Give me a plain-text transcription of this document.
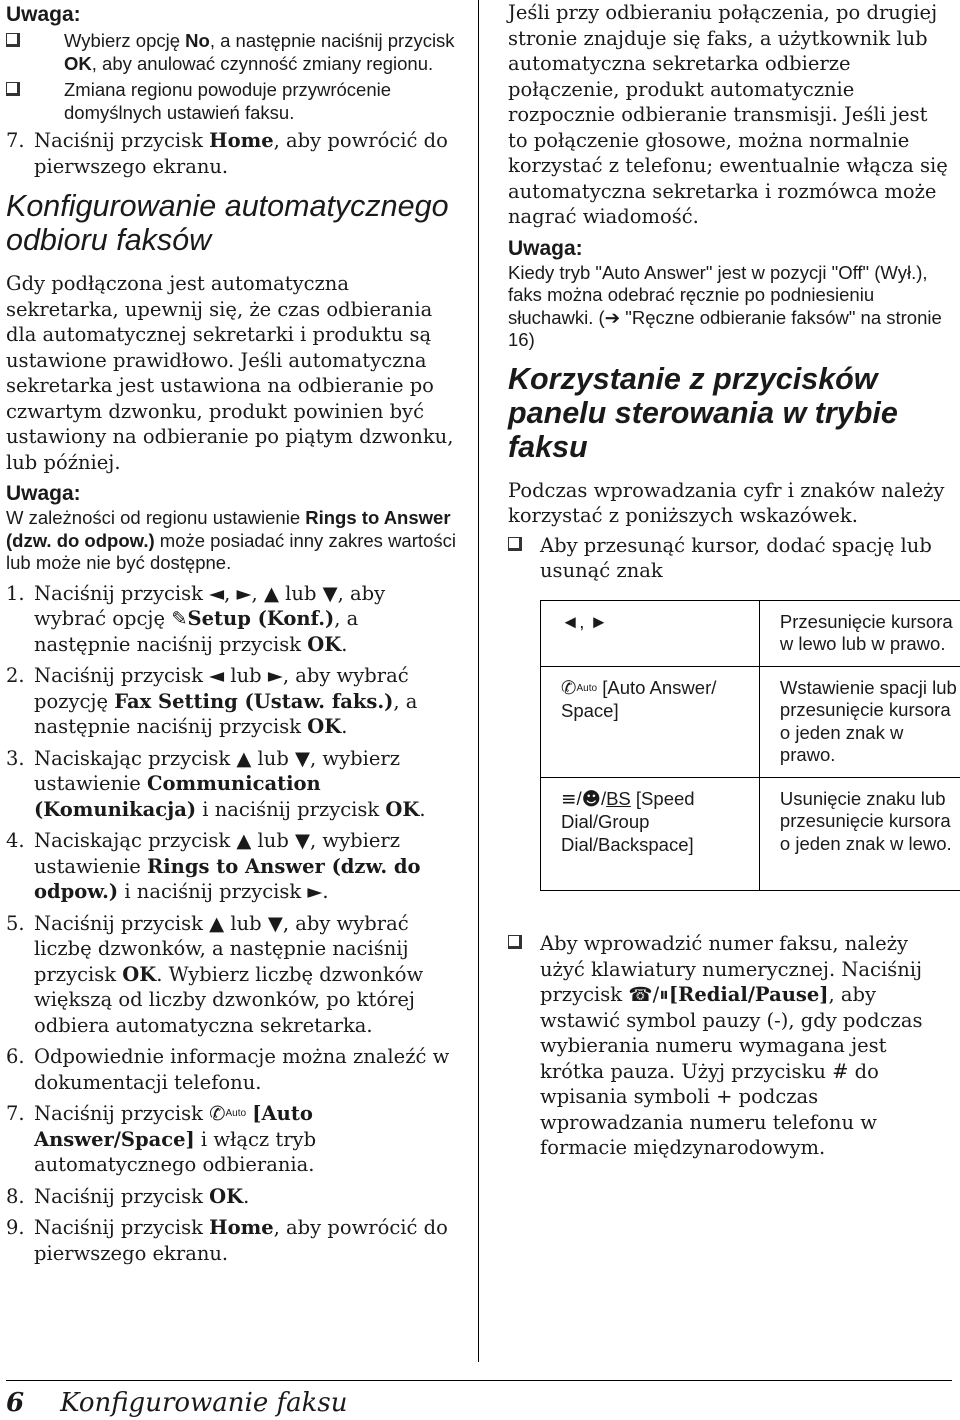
Uwaga:

Wybierz opcję No, a następnie naciśnij przycisk OK, aby anulować czynność zmiany regionu.
Zmiana regionu powoduje przywrócenie domyślnych ustawień faksu.
7. Naciśnij przycisk Home, aby powrócić do pierwszego ekranu.
Konfigurowanie automatycznego odbioru faksów

Gdy podłączona jest automatyczna sekretarka, upewnij się, że czas odbierania dla automatycznej sekretarki i produktu są ustawione prawidłowo. Jeśli automatyczna sekretarka jest ustawiona na odbieranie po czwartym dzwonku, produkt powinien być ustawiony na odbieranie po piątym dzwonku, lub później.

Uwaga:

W zależności od regionu ustawienie Rings to Answer (dzw. do odpow.) może posiadać inny zakres wartości lub może nie być dostępne.

1. Naciśnij przycisk ◄, ►, ▲ lub ▼, aby wybrać opcję ✎Setup (Konf.), a następnie naciśnij przycisk OK.
2. Naciśnij przycisk ◄ lub ►, aby wybrać pozycję Fax Setting (Ustaw. faks.), a następnie naciśnij przycisk OK.
3. Naciskając przycisk ▲ lub ▼, wybierz ustawienie Communication (Komunikacja) i naciśnij przycisk OK.
4. Naciskając przycisk ▲ lub ▼, wybierz ustawienie Rings to Answer (dzw. do odpow.) i naciśnij przycisk ►.
5. Naciśnij przycisk ▲ lub ▼, aby wybrać liczbę dzwonków, a następnie naciśnij przycisk OK. Wybierz liczbę dzwonków większą od liczby dzwonków, po której odbiera automatyczna sekretarka.
6. Odpowiednie informacje można znaleźć w dokumentacji telefonu.
7. Naciśnij przycisk ✆$^{Auto}$ [Auto Answer/Space] i włącz tryb automatycznego odbierania.
8. Naciśnij przycisk OK.
9. Naciśnij przycisk Home, aby powrócić do pierwszego ekranu.

Jeśli przy odbieraniu połączenia, po drugiej stronie znajduje się faks, a użytkownik lub automatyczna sekretarka odbierze połączenie, produkt automatycznie rozpocznie odbieranie transmisji. Jeśli jest to połączenie głosowe, można normalnie korzystać z telefonu; ewentualnie włącza się automatyczna sekretarka i rozmówca może nagrać wiadomość.

Uwaga:

Kiedy tryb "Auto Answer" jest w pozycji "Off" (Wył.), faks można odebrać ręcznie po podniesieniu słuchawki. (➔ "Ręczne odbieranie faksów" na stronie 16)

Korzystanie z przycisków panelu sterowania w trybie faksu

Podczas wprowadzania cyfr i znaków należy korzystać z poniższych wskazówek.

Aby przesunąć kursor, dodać spację lub usunąć znak
◄, ►	Przesunięcie kursora w lewo lub w prawo.
✆$^{Auto}$ [Auto Answer/ Space]	Wstawienie spacji lub przesunięcie kursora o jeden znak w prawo.
≡/☻/BS [Speed Dial/Group Dial/Backspace]	Usunięcie znaku lub przesunięcie kursora o jeden znak w lewo.
Aby wprowadzić numer faksu, należy użyć klawiatury numerycznej. Naciśnij przycisk ☎/⏸[Redial/Pause], aby wstawić symbol pauzy (-), gdy podczas wybierania numeru wymagana jest krótka pauza. Użyj przycisku # do wpisania symboli + podczas wprowadzania numeru telefonu w formacie międzynarodowym.
6 Konfigurowanie faksu
